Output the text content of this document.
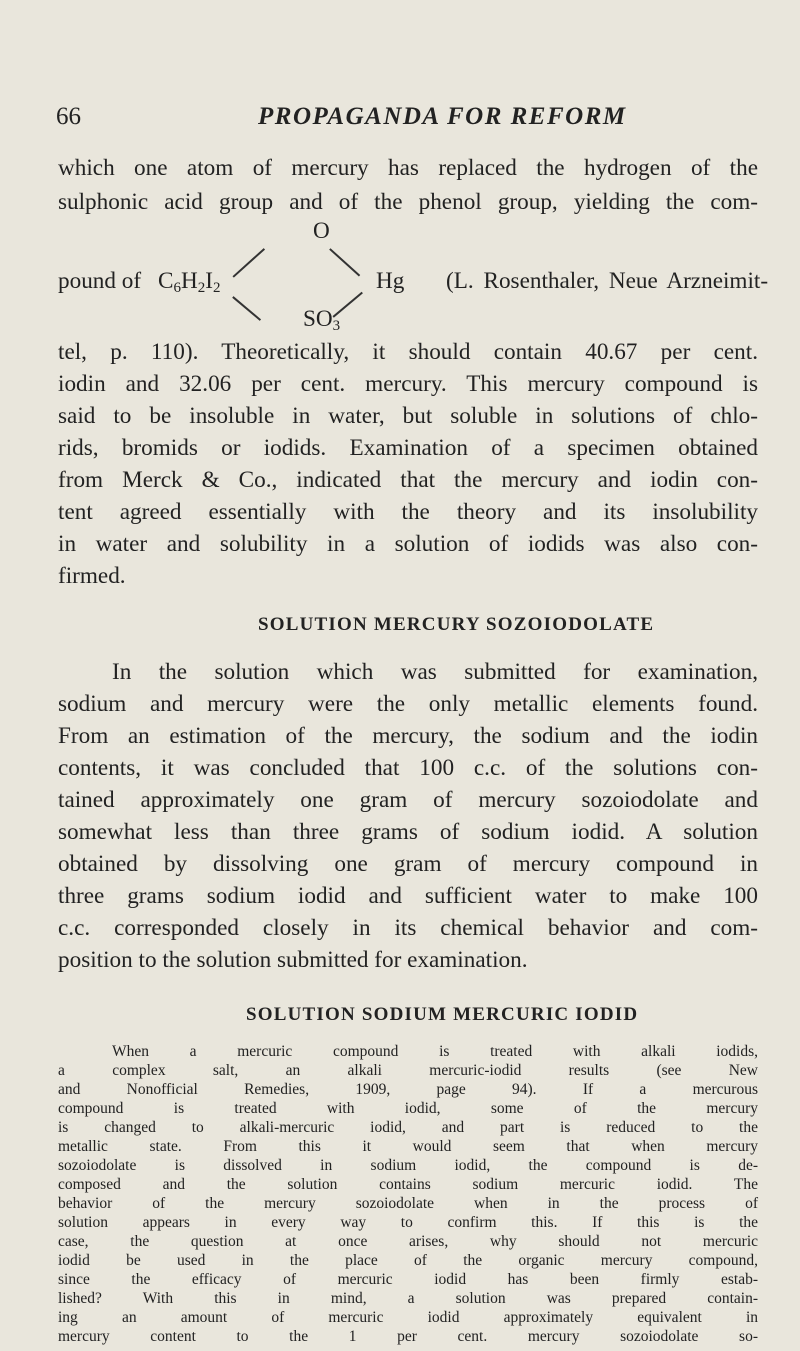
66	PROPAGANDA FOR REFORM
which one atom of mercury has replaced the hydrogen of the
sulphonic acid group and of the phenol group, yielding the com-
O
pound of C6H2I2	Hg (L. Rosenthaler, Neue Arzneimit-
SO3
tel, p. 110). Theoretically, it should contain 40.67 per cent.
iodin and 32.06 per cent. mercury. This mercury compound is
said to be insoluble in water, but soluble in solutions of chlo-
rids, bromids or iodids. Examination of a specimen obtained
from Merck & Co., indicated that the mercury and iodin con-
tent agreed essentially with the theory and its insolubility
in water and solubility in a solution of iodids was also con-
firmed.
SOLUTION MERCURY SOZOIODOLATE
In the solution which was submitted for examination,
sodium and mercury were the only metallic elements found.
From an estimation of the mercury, the sodium and the iodin
contents, it was concluded that 100 c.c. of the solutions con-
tained approximately one gram of mercury sozoiodolate and
somewhat less than three grams of sodium iodid. A solution
obtained by dissolving one gram of mercury compound in
three grams sodium iodid and sufficient water to make 100
c.c. corresponded closely in its chemical behavior and com-
position to the solution submitted for examination.
SOLUTION SODIUM MERCURIC IODID
When a mercuric compound is treated with alkali iodids,
a complex salt, an alkali mercuric-iodid results (see New
and Nonofficial Remedies, 1909, page 94). If a mercurous
compound is treated with iodid, some of the mercury
is changed to alkali-mercuric iodid, and part is reduced to the
metallic state. From this it would seem that when mercury
sozoiodolate is dissolved in sodium iodid, the compound is de-
composed and the solution contains sodium mercuric iodid. The
behavior of the mercury sozoiodolate when in the process of
solution appears in every way to confirm this. If this is the
case, the question at once arises, why should not mercuric
iodid be used in the place of the organic mercury compound,
since the efficacy of mercuric iodid has been firmly estab-
lished? With this in mind, a solution was prepared contain-
ing an amount of mercuric iodid approximately equivalent in
mercury content to the 1 per cent. mercury sozoiodolate so-
